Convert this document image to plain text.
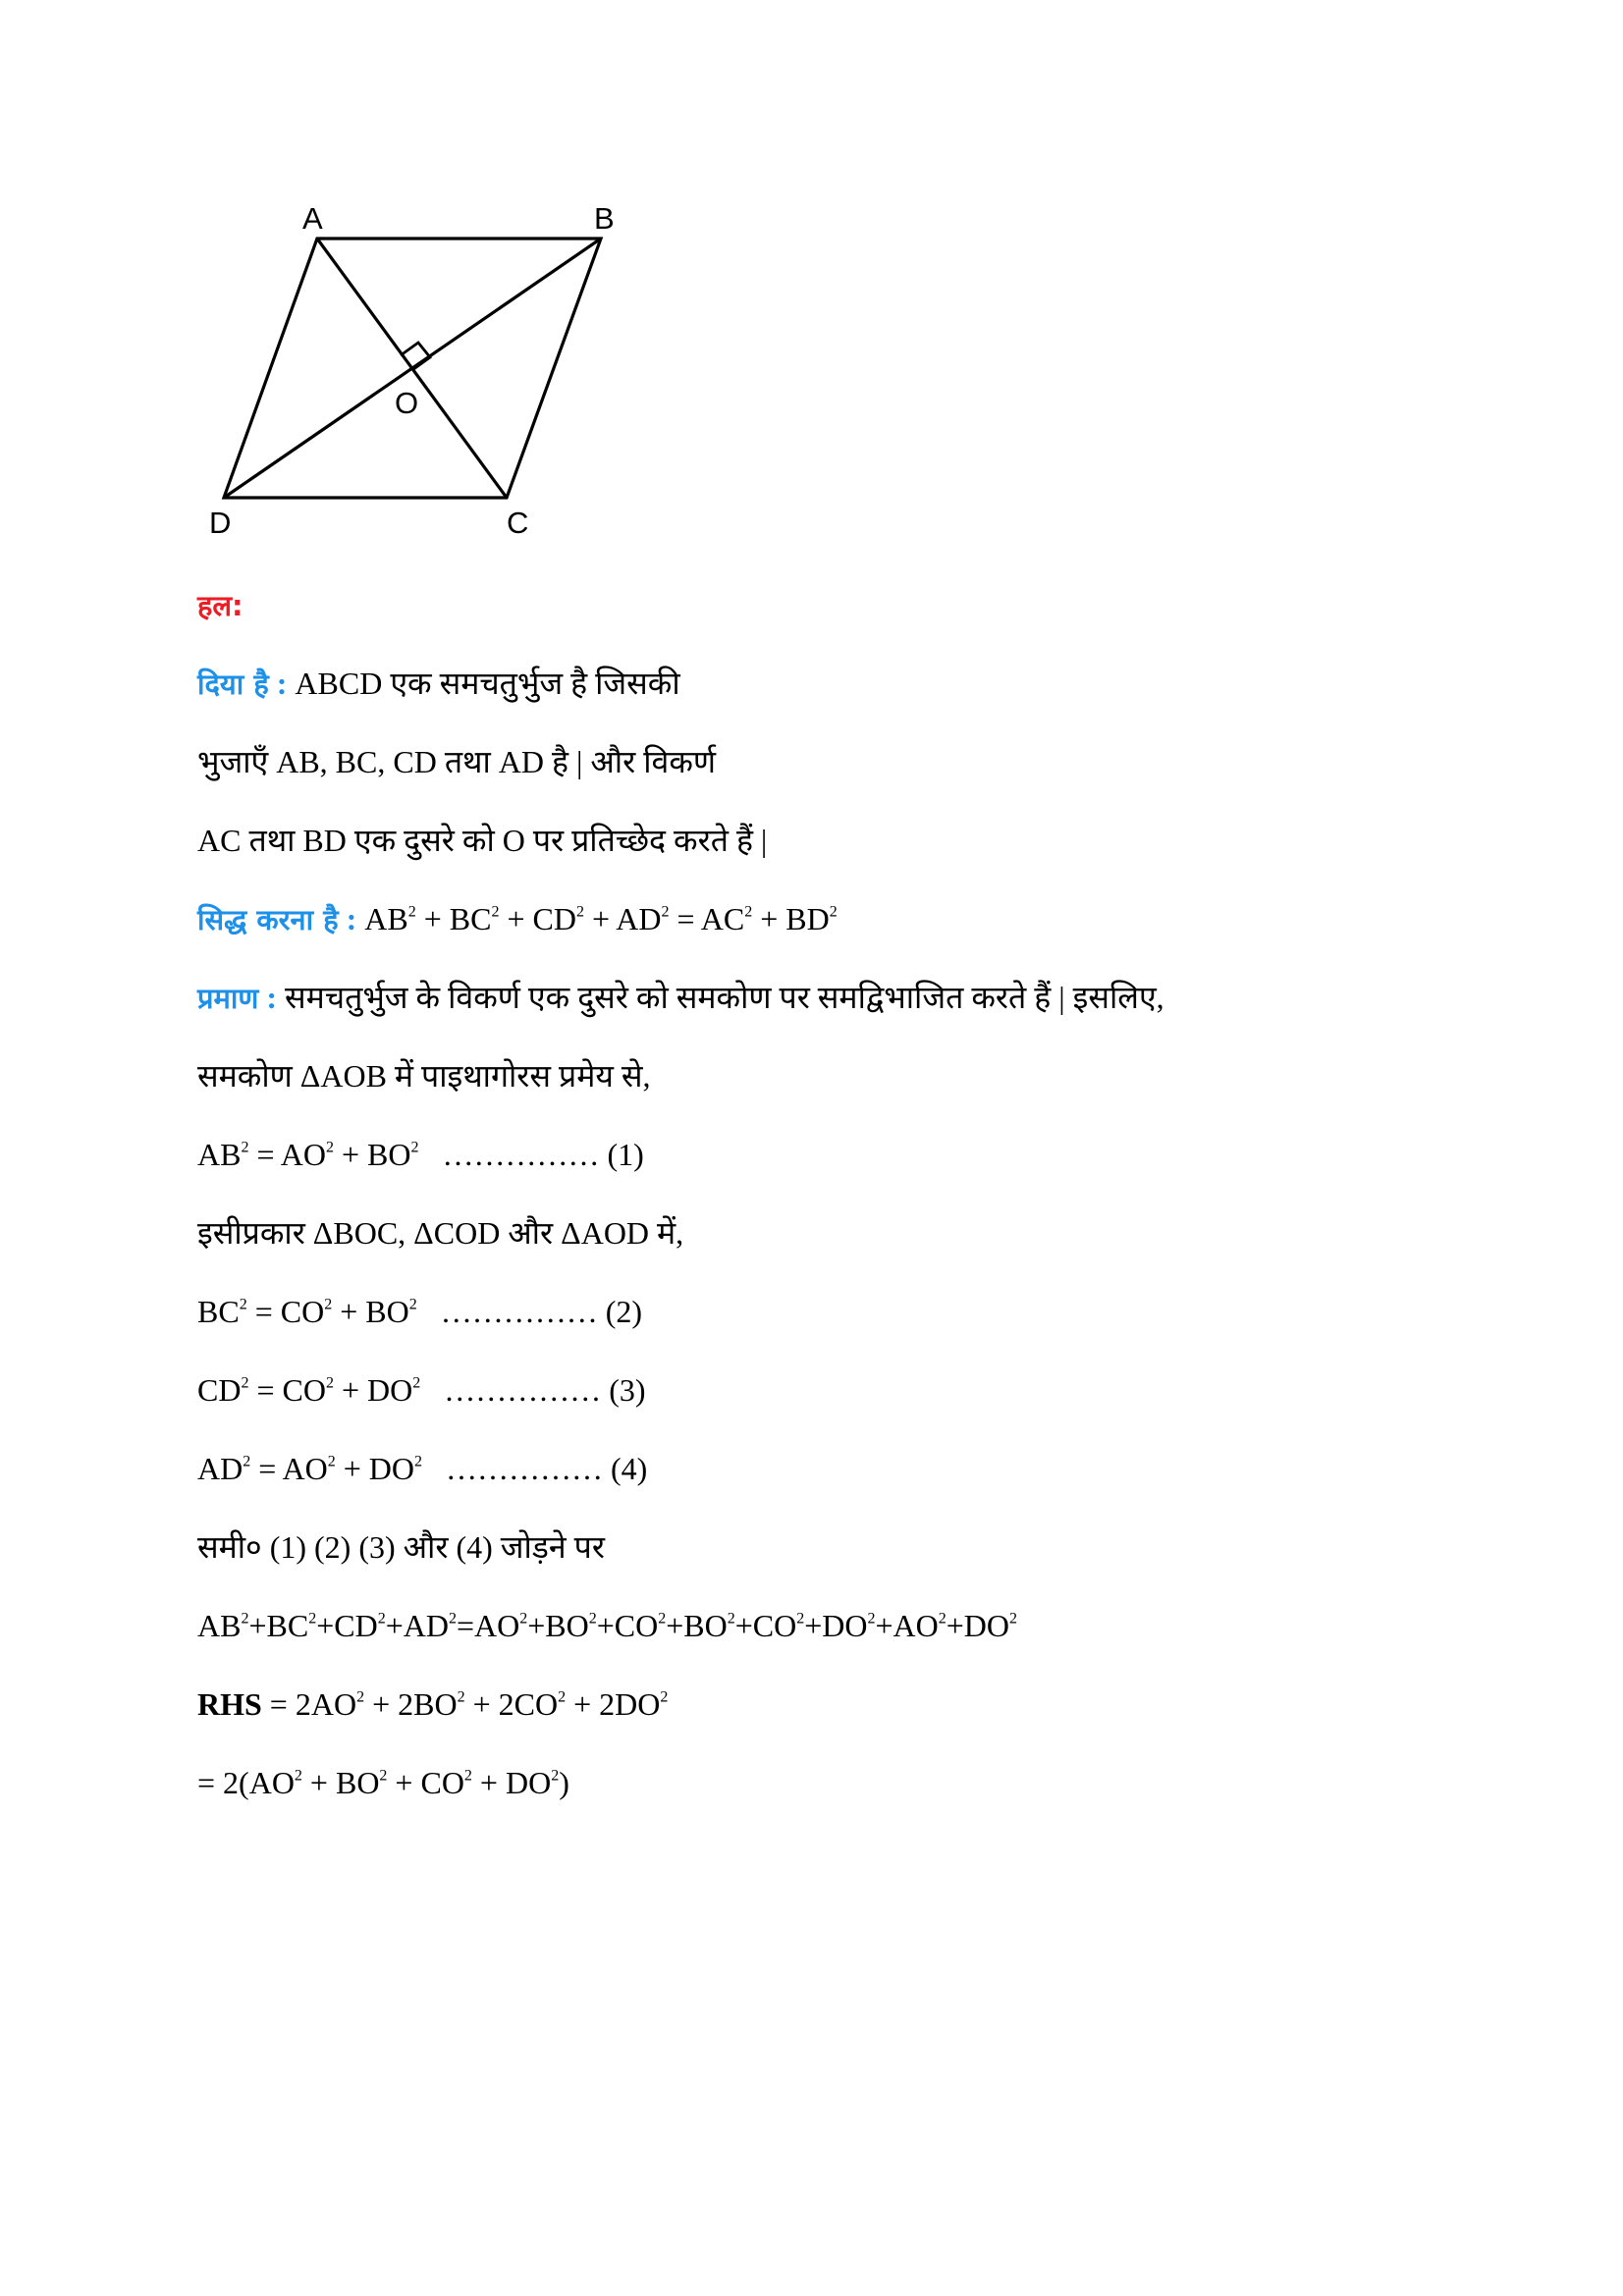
A	B
D	C
O
हल:
दिया है : ABCD एक समचतुर्भुज है जिसकी
भुजाएँ AB, BC, CD तथा AD है | और विकर्ण
AC तथा BD एक दुसरे को O पर प्रतिच्छेद करते हैं |
सिद्ध करना है : $AB^2 + BC^2 + CD^2 + AD^2 = AC^2 + BD^2$
प्रमाण : समचतुर्भुज के विकर्ण एक दुसरे को समकोण पर समद्विभाजित करते हैं | इसलिए,
समकोण ΔAOB में पाइथागोरस प्रमेय से,
$AB^2 = AO^2 + BO^2$ …………… (1)
इसीप्रकार ΔBOC, ΔCOD और ΔAOD में,
$BC^2 = CO^2 + BO^2$ …………… (2)
$CD^2 = CO^2 + DO^2$ …………… (3)
$AD^2 = AO^2 + DO^2$ …………… (4)
समी० (1) (2) (3) और (4) जोड़ने पर
$AB^2+BC^2+CD^2+AD^2=AO^2+BO^2+CO^2+BO^2+CO^2+DO^2+AO^2+DO^2$
RHS = $2AO^2 + 2BO^2 + 2CO^2 + 2DO^2$
= $2(AO^2 + BO^2 + CO^2 + DO^2)$
